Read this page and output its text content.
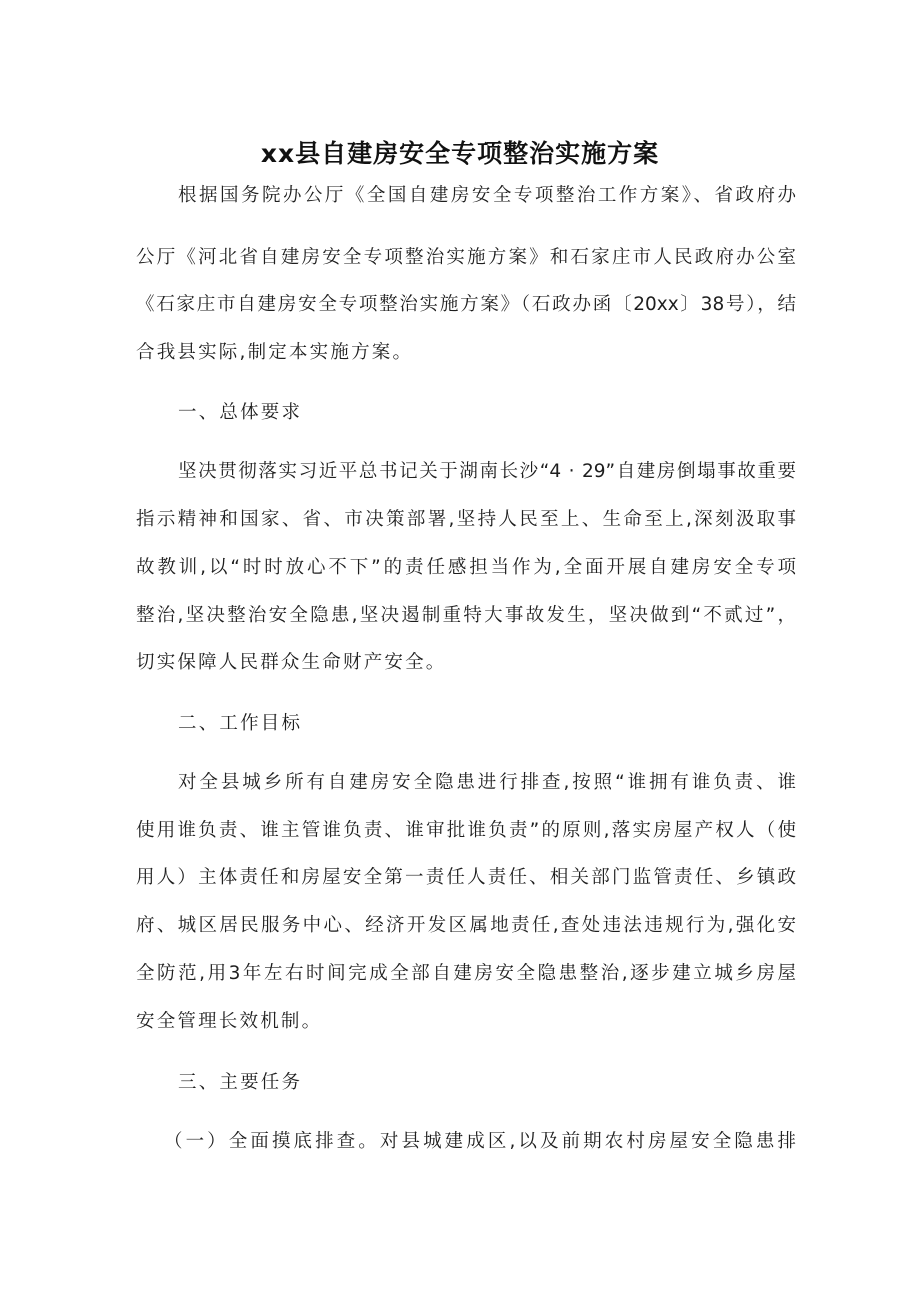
xx县自建房安全专项整治实施方案
根据国务院办公厅《全国自建房安全专项整治工作方案》、省政府办
公厅《河北省自建房安全专项整治实施方案》和石家庄市人民政府办公室
《石家庄市自建房安全专项整治实施方案》（石政办函〔20xx〕38号），结
合我县实际,制定本实施方案。
一、总体要求
坚决贯彻落实习近平总书记关于湖南长沙“4 · 29”自建房倒塌事故重要
指示精神和国家、省、市决策部署,坚持人民至上、生命至上,深刻汲取事
故教训,以“时时放心不下”的责任感担当作为,全面开展自建房安全专项
整治,坚决整治安全隐患,坚决遏制重特大事故发生，坚决做到“不贰过”，
切实保障人民群众生命财产安全。
二、工作目标
对全县城乡所有自建房安全隐患进行排查,按照“谁拥有谁负责、谁
使用谁负责、谁主管谁负责、谁审批谁负责”的原则,落实房屋产权人（使
用人）主体责任和房屋安全第一责任人责任、相关部门监管责任、乡镇政
府、城区居民服务中心、经济开发区属地责任,查处违法违规行为,强化安
全防范,用3年左右时间完成全部自建房安全隐患整治,逐步建立城乡房屋
安全管理长效机制。
三、主要任务
（一）全面摸底排查。对县城建成区,以及前期农村房屋安全隐患排
